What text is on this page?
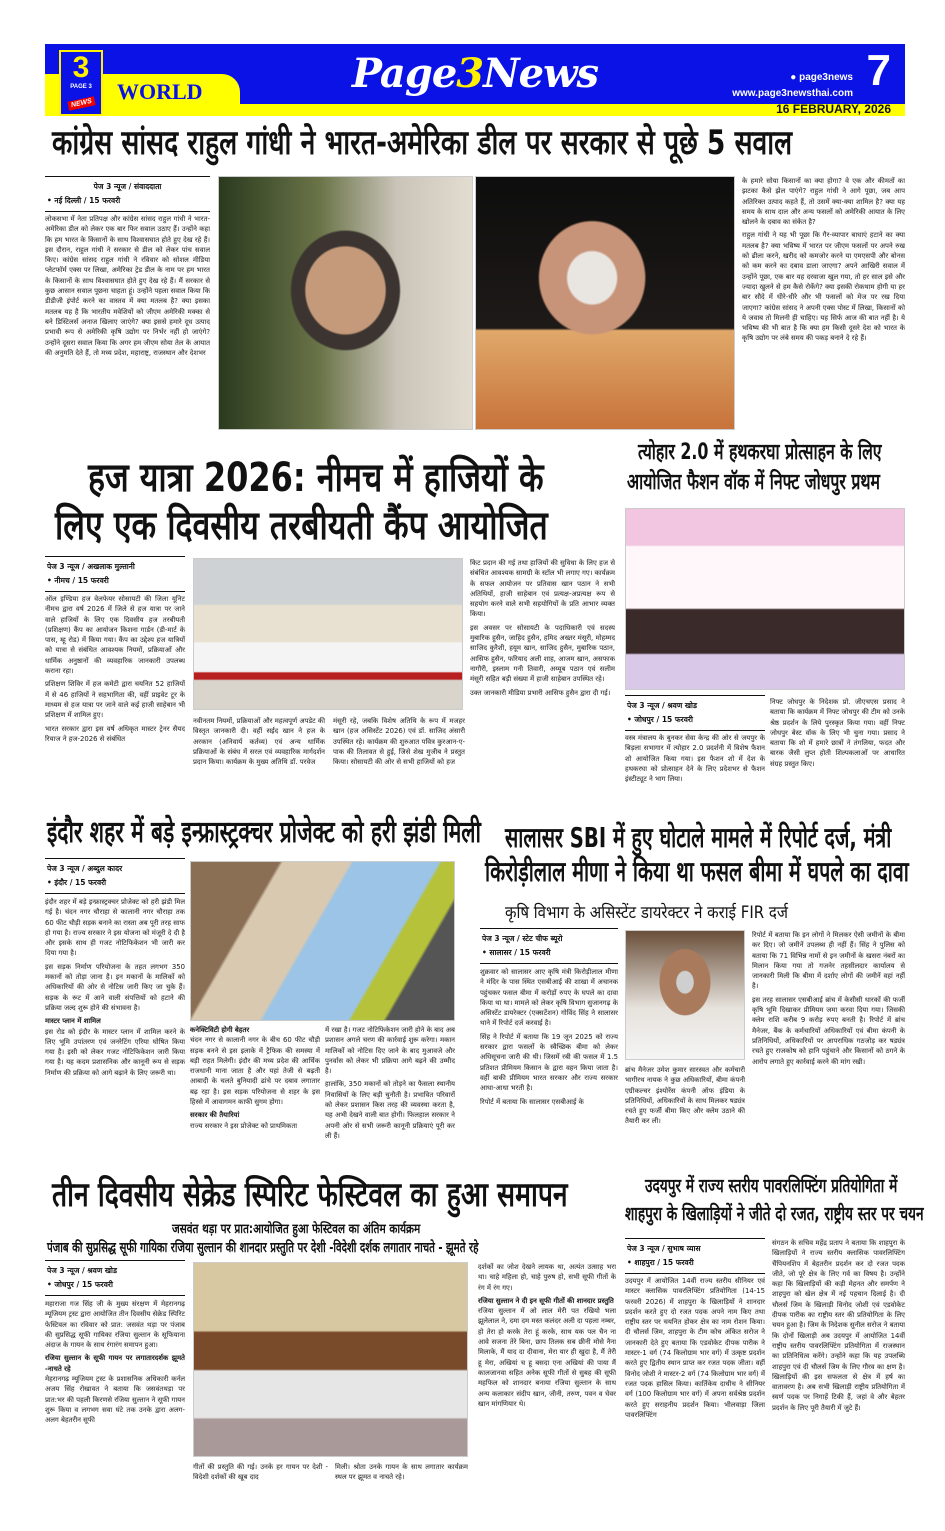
3
PAGE 3
NEWS	WORLD	Page3News	● page3news
www.page3newsthai.com 7
16 FEBRUARY, 2026
कांग्रेस सांसद राहुल गांधी ने भारत-अमेरिका डील पर सरकार से पूछे 5 सवाल
पेज 3 न्यूज / संवाददाता
• नई दिल्ली / 15 फरवरी

लोकसभा में नेता प्रतिपक्ष और कांग्रेस सांसद राहुल गांधी ने भारत-अमेरिका डील को लेकर एक बार फिर सवाल उठाए हैं। उन्होंने कहा कि हम भारत के किसानों के साथ विश्वासघात होते हुए देख रहे हैं। इस दौरान, राहुल गांधी ने सरकार से डील को लेकर पांच सवाल किए। कांग्रेस सांसद राहुल गांधी ने रविवार को सोशल मीडिया प्लेटफॉर्म एक्स पर लिखा, अमेरिका ट्रेड डील के नाम पर हम भारत के किसानों के साथ विश्वासघात होते हुए देख रहे हैं। मैं सरकार से कुछ आसान सवाल पूछना चाहता हूं। उन्होंने पहला सवाल किया कि डीडीजी इंपोर्ट करने का वास्तव में क्या मतलब है? क्या इसका मतलब यह है कि भारतीय मवेशियों को जीएम अमेरिकी मक्का से बने डिस्टिलर्स अनाज खिलाए जाएंगे? क्या इससे हमारे दूध उत्पाद प्रभावी रूप से अमेरिकी कृषि उद्योग पर निर्भर नहीं हो जाएंगे? उन्होंने दूसरा सवाल किया कि अगर हम जीएम सोया तेल के आयात की अनुमति देते हैं, तो मध्य प्रदेश, महाराष्ट्र, राजस्थान और देशभर

के हमारे सोया किसानों का क्या होगा? वे एक और कीमतों का झटका कैसे झेल पाएंगे? राहुल गांधी ने आगे पूछा, जब आप अतिरिक्त उत्पाद कहते हैं, तो उसमें क्या-क्या शामिल है? क्या यह समय के साथ दाल और अन्य फसलों को अमेरिकी आयात के लिए खोलने के दबाव का संकेत है?

राहुल गांधी ने यह भी पूछा कि गैर-व्यापार बाधाएं हटाने का क्या मतलब है? क्या भविष्य में भारत पर जीएम फसलों पर अपने रुख को ढीला करने, खरीद को कमजोर करने या एमएसपी और बोनस को कम करने का दबाव डाला जाएगा? अपने आखिरी सवाल में उन्होंने पूछा, एक बार यह दरवाजा खुल गया, तो हर साल इसे और ज्यादा खुलने से हम कैसे रोकेंगे? क्या इसकी रोकथाम होगी या हर बार सौदे में धीरे-धीरे और भी फसलों को मेज पर रख दिया जाएगा? कांग्रेस सांसद ने अपनी एक्स पोस्ट में लिखा, किसानों को ये जवाब तो मिलनी ही चाहिए। यह सिर्फ आज की बात नहीं है। ये भविष्य की भी बात है कि क्या हम किसी दूसरे देश को भारत के कृषि उद्योग पर लंबे समय की पकड़ बनाने दे रहे हैं।

हज यात्रा 2026: नीमच में हाजियों के
लिए एक दिवसीय तरबीयती कैंप आयोजित
पेज 3 न्यूज / अखलाक मुल्तानी
• नीमच / 15 फरवरी

ऑल इण्डिया हज वेलफेयर सोसायटी की जिला यूनिट नीमच द्वारा वर्ष 2026 में जिले से हज यात्रा पर जाने वाले हाजियों के लिए एक दिवसीय हज तरबीयती (प्रशिक्षण) कैंप का आयोजन किशना गार्डन (डी-मार्ट के पास, म्हू रोड) में किया गया। कैंप का उद्देश्य हज यात्रियों को यात्रा से संबंधित आवश्यक नियमों, प्रक्रियाओं और धार्मिक अनुष्ठानों की व्यवहारिक जानकारी उपलब्ध कराना रहा।

प्रशिक्षण शिविर में हज कमेटी द्वारा चयनित 52 हाजियों में से 46 हाजियों ने सहभागिता की, वहीं प्राइवेट टूर के माध्यम से हज यात्रा पर जाने वाले कई हाजी साहेबान भी प्रशिक्षण में शामिल हुए।

भारत सरकार द्वारा इस वर्ष अधिकृत मास्टर ट्रेनर सैयद रियाज ने हज-2026 से संबंधित

नवीनतम नियमों, प्रक्रियाओं और महत्वपूर्ण अपडेट की विस्तृत जानकारी दी। वहीं सईद खान ने हज के अरकान (अनिवार्य कर्तव्य) एवं अन्य धार्मिक प्रक्रियाओं के संबंध में सरल एवं व्यवहारिक मार्गदर्शन प्रदान किया। कार्यक्रम के मुख्य अतिथि डॉ. परवेज

मंसूरी रहे, जबकि विशेष अतिथि के रूप में मजहर खान (हज असिस्टेंट 2026) एवं डॉ. साजिद अंसारी उपस्थित रहे। कार्यक्रम की शुरुआत पवित्र कुरआन-ए-पाक की तिलावत से हुई, जिसे शेख मुजीब ने प्रस्तुत किया। सोसायटी की ओर से सभी हाजियों को हज

किट प्रदान की गई तथा हाजियों की सुविधा के लिए हज से संबंधित आवश्यक सामग्री के स्टॉल भी लगाए गए। कार्यक्रम के सफल आयोजन पर प्रतिवास खान पठान ने सभी अतिथियों, हाजी साहेबान एवं प्रत्यक्ष-अप्रत्यक्ष रूप से सहयोग करने वाले सभी सहयोगियों के प्रति आभार व्यक्त किया।

इस अवसर पर सोसायटी के पदाधिकारी एवं सदस्य मुबारिक हुसैन, जाहिद हुसैन, हमिद अख्तर मंसूरी, मोहम्मद साजिद कुरैशी, हयूम खान, साजिद हुसैन, मुबारिक पठान, आसिफ हुसैन, फरियाद अली शाह, आजम खान, असफाक नागौरी, इस्लाम गनी तिवारी, अय्यूब पठान एवं सलीम मंसूरी सहित बड़ी संख्या में हाजी साहेबान उपस्थित रहे।

उक्त जानकारी मीडिया प्रभारी आसिफ हुसैन द्वारा दी गई।

त्योहार 2.0 में हथकरघा प्रोत्साहन के लिए
आयोजित फैशन वॉक में निफ्ट जोधपुर प्रथम
पेज 3 न्यूज / श्रवण खोड
• जोधपुर / 15 फरवरी

वस्त्र मंत्रालय के बुनकर सेवा केन्द्र की ओर से जयपुर के बिड़ला सभागार में त्योहार 2.0 प्रदर्शनी में विशेष फैशन शो आयोजित किया गया। इस फैशन शो में देश के हथकरघा को प्रोत्साहन देने के लिए प्रदेशभर से फैशन इंस्टीट्यूट ने भाग लिया।

निफ्ट जोधपुर के निदेशक प्रो. जीएचएस प्रसाद ने बताया कि कार्यक्रम में निफ्ट जोधपुर की टीम को उनके श्रेष्ठ प्रदर्शन के लिये पुरस्कृत किया गया। वहीं निफ्ट जोधपुर बेस्ट वॉक के लिए भी चुना गया। प्रसाद ने बताया कि शो में हमारे छात्रों ने तंगलिया, फदत और बारक जैसी लुप्त होती शिल्पकलाओं पर आधारित संग्रह प्रस्तुत किए।

इंदौर शहर में बड़े इन्फ्रास्ट्रक्चर प्रोजेक्ट को हरी झंडी मिली
पेज 3 न्यूज / अब्दुल कादर
• इंदौर / 15 फरवरी

इंदौर शहर में बड़े इन्फ्रास्ट्रक्चर प्रोजेक्ट को हरी झंडी मिल गई है। चंदन नगर चौराहा से कालानी नगर चौराहा तक 60 फीट चौड़ी सड़क बनाने का रास्ता अब पूरी तरह साफ हो गया है। राज्य सरकार ने इस योजना को मंजूरी दे दी है और इसके साथ ही गजट नोटिफिकेशन भी जारी कर दिया गया है।

इस सड़क निर्माण परियोजना के तहत लगभग 350 मकानों को तोड़ा जाना है। इन मकानों के मालिकों को अधिकारियों की ओर से नोटिस जारी किए जा चुके हैं। सड़क के रूट में आने वाली संपत्तियों को हटाने की प्रक्रिया जल्द शुरू होने की संभावना है।

मास्टर प्लान में शामिल

इस रोड को इंदौर के मास्टर प्लान में शामिल करने के लिए भूमि उपांतरण एवं जनरेटिंग एरिया घोषित किया गया है। इसी को लेकर गजट नोटिफिकेशन जारी किया गया है। यह कदम प्रशासनिक और कानूनी रूप से सड़क निर्माण की प्रक्रिया को आगे बढ़ाने के लिए जरूरी था।

कनेक्टिविटी होगी बेहतर

चंदन नगर से कालानी नगर के बीच 60 फीट चौड़ी सड़क बनने से इस इलाके में ट्रैफिक की समस्या में बड़ी राहत मिलेगी। इंदौर की मध्य प्रदेश की आर्थिक राजधानी माना जाता है और यहां तेजी से बढ़ती आबादी के चलते बुनियादी ढांचे पर दबाव लगातार बढ़ रहा है। इस सड़क परियोजना से शहर के इस हिस्से में आवागमन काफी सुगम होगा।

सरकार की तैयारियां

राज्य सरकार ने इस प्रोजेक्ट को प्राथमिकता

में रखा है। गजट नोटिफिकेशन जारी होने के बाद अब प्रशासन अगले चरण की कार्रवाई शुरू करेगा। मकान मालिकों को नोटिस दिए जाने के बाद मुआवजे और पुनर्वास को लेकर भी प्रक्रिया आगे बढ़ने की उम्मीद है।

हालांकि, 350 मकानों को तोड़ने का फैसला स्थानीय निवासियों के लिए बड़ी चुनौती है। प्रभावित परिवारों को लेकर प्रशासन किस तरह की व्यवस्था करता है, यह अभी देखने वाली बात होगी। फिलहाल सरकार ने अपनी ओर से सभी जरूरी कानूनी प्रक्रियाएं पूरी कर ली हैं।

सालासर SBI में हुए घोटाले मामले में रिपोर्ट दर्ज, मंत्री
किरोड़ीलाल मीणा ने किया था फसल बीमा में घपले का दावा
कृषि विभाग के असिस्टेंट डायरेक्टर ने कराई FIR दर्ज
पेज 3 न्यूज / स्टेट चीफ ब्यूरो
• सालासर / 15 फरवरी

शुक्रवार को सालासर आए कृषि मंत्री किरोड़ीलाल मीणा ने मंदिर के पास स्थित एसबीआई की शाखा में अचानक पहुंचकर फसल बीमा में करोड़ों रुपए के घपले का दावा किया था था। मामले को लेकर कृषि विभाग सुजानगढ़ के असिस्टेंट डायरेक्टर (एक्सटेंशन) गोविंद सिंह ने सालासर थाने में रिपोर्ट दर्ज करवाई है।

सिंह ने रिपोर्ट में बताया कि 19 जून 2025 को राज्य सरकार द्वारा फसलों के स्वैच्छिक बीमा को लेकर अधिसूचना जारी की थी। जिसमें रबी की फसल में 1.5 प्रतिशत प्रीमियम किसान के द्वारा वहन किया जाता है। वहीं बाकी प्रीमियम भारत सरकार और राज्य सरकार आधा-आधा भरती है।

रिपोर्ट में बताया कि सालासर एसबीआई के

ब्रांच मैनेजर उमेश कुमार सारस्वत और कर्मचारी भागीरथ नायक ने कुछ अधिकारियों, बीमा कंपनी एग्रीकल्चर इंश्योरेंस कंपनी ऑफ इंडिया के प्रतिनिधियों, अधिकारियों के साथ मिलकर षड्यंत्र रचते हुए फर्जी बीमा किए और क्लेम उठाने की तैयारी कर ली।

रिपोर्ट में बताया कि इन लोगों ने मिलकर ऐसी जमीनों के बीमा कर दिए। जो जमीनें उपलब्ध ही नहीं हैं। सिंह ने पुलिस को बताया कि 71 विभिन्न नामों से इन जमीनों के खसरा नंबरों का मिलान किया गया तो गजनेर तहसीलदार कार्यालय से जानकारी मिली कि बीमा में दर्शाए लोगों की जमीनें वहां नहीं है।

इस तरह सालासर एसबीआई ब्रांच में केसीसी धारकों की फर्जी कृषि भूमि दिखाकर प्रीमियम जमा करवा दिया गया। जिसकी क्लेम राशि करीब 9 करोड़ रुपए बनती है। रिपोर्ट में ब्रांच मैनेजर, बैंक के कर्मचारियों अधिकारियों एवं बीमा कंपनी के प्रतिनिधियों, अधिकारियों पर आपराधिक गठजोड़ कर षड्यंत्र रचते हुए राजकोष को हानि पहुंचाने और किसानों को ठगने के आरोप लगाते हुए कार्रवाई करने की मांग रखी।

तीन दिवसीय सेक्रेड स्पिरिट फेस्टिवल का हुआ समापन
जसवंत थड़ा पर प्रात:आयोजित हुआ फेस्टिवल का अंतिम कार्यक्रम
पंजाब की सुप्रसिद्ध सूफी गायिका रजिया सुल्तान की शानदार प्रस्तुति पर देशी -विदेशी दर्शक लगातार नाचते - झूमते रहे
पेज 3 न्यूज / श्रवण खोड
• जोधपुर / 15 फरवरी

महाराजा गज सिंह जी के मुख्य संरक्षण में मेहरानगढ़ म्यूजियम ट्रस्ट द्वारा आयोजित तीन दिवसीय सेक्रेड स्पिरिट फेस्टिवल का रविवार को प्रात: जसवंत थड़ा पर पंजाब की सुप्रसिद्ध सूफी गायिका रजिया सुल्तान के सूफियाना अंदाज के गायन के साथ रंगारंग समापन हुआ।

रजिया सुल्तान के सूफी गायन पर लगातारदर्शक झूमते -नाचते रहे

मेहरानगढ़ म्यूजियम ट्रस्ट के प्रशासनिक अधिकारी कर्नल अजय सिंह रोखावत ने बताया कि जसवंतथड़ा पर प्रात:भर की पहली किरणसे रजिया सुल्तान ने सूफी गायन शुरू किया व लगभग सवा घंटे तक उनके द्वारा अलग-अलग बेहतरीन सूफी

गीतों की प्रस्तुति की गई। उनके हर गायन पर देशी - विदेशी दर्शकों की खूब दाद

मिली। श्रोता उनके गायन के साथ लगातार कार्यक्रम स्थल पर झूमत व नाचते रहे।

दर्शकों का जोश देखने लायक था, अत्यंत उत्साह भरा था। चाहे महिला हो, चाहे पुरुष हो, सभी सूफी गीतों के रंग में रंग गए।

रजिया सुल्तान ने दी इन सूफी गीतों की शानदार प्रस्तुति

रजिया सुल्तान में ओ लाल मेरी पत रखियो भला झूलेलाल ने, दमा दम मस्त कलंदर अली दा पहला नम्बर, हो तेरा हो करके तेरा हूं करके, साथ यक पल चैन ना आवे सजना तेरे बिना, छाप तिलक सब छीनी मोसे नैना मिलाके, मैं याद दा दीवाना, मेरा यार ही खुदा है, मैं तेरी हू मेरा, अखियां च हू बसदा एना अखियां की पाया मैं कालजानवा सहित अनेक सूफी गीतों से सुबह की सूफी महफिल को शानदार बनाया रजिया सुल्तान के साथ अन्य कलाकार संदीप खान, जीनी, तरुण, पवन व घेवर खान मांगणियार थे।

उदयपुर में राज्य स्तरीय पावरलिफ्टिंग प्रतियोगिता में
शाहपुरा के खिलाड़ियों ने जीते दो रजत, राष्ट्रीय स्तर पर चयन
पेज 3 न्यूज / सुभाष व्यास
• शाहपुरा / 15 फरवरी

उदयपुर में आयोजित 14वीं राज्य स्तरीय सीनियर एवं मास्टर क्लासिक पावरलिफ्टिंग प्रतियोगिता (14-15 फरवरी 2026) में शाहपुरा के खिलाड़ियों ने शानदार प्रदर्शन करते हुए दो रजत पदक अपने नाम किए तथा राष्ट्रीय स्तर पर चयनित होकर क्षेत्र का नाम रोशन किया। दी चौलर्स जिम, शाहपुरा के टीम कोच अंकित सरोज ने जानकारी देते हुए बताया कि एडवोकेट दीपक पारीक ने मास्टर-1 वर्ग (74 किलोग्राम भार वर्ग) में उत्कृष्ट प्रदर्शन करते हुए द्वितीय स्थान प्राप्त कर रजत पदक जीता। वहीं विनोद जोशी ने मास्टर-2 वर्ग (74 किलोग्राम भार वर्ग) में रजत पदक हासिल किया। कार्तिकेय दाधीच ने सीनियर वर्ग (100 किलोग्राम भार वर्ग) में अपना सर्वश्रेष्ठ प्रदर्शन करते हुए सराहनीय प्रदर्शन किया। भीलवाड़ा जिला पावरलिफ्टिंग

संगठन के सचिव महेंद्र प्रताप ने बताया कि शाहपुरा के खिलाड़ियों ने राज्य स्तरीय क्लासिक पावरलिफ्टिंग चैंपियनशिप में बेहतरीन प्रदर्शन कर दो रजत पदक जीते, जो पूरे क्षेत्र के लिए गर्व का विषय है। उन्होंने कहा कि खिलाड़ियों की कड़ी मेहनत और समर्पण ने शाहपुरा को खेल क्षेत्र में नई पहचान दिलाई है। दी चौलर्स जिम के खिलाड़ी विनोद जोशी एवं एडवोकेट दीपक पारीक का राष्ट्रीय स्तर की प्रतियोगिता के लिए चयन हुआ है। जिम के निदेशक सुनील सरोज ने बताया कि दोनों खिलाड़ी अब उदयपुर में आयोजित 14वीं राष्ट्रीय स्तरीय पावरलिफ्टिंग प्रतियोगिता में राजस्थान का प्रतिनिधित्व करेंगे। उन्होंने कहा कि यह उपलब्धि शाहपुरा एवं दी चौलर्स जिम के लिए गौरव का क्षण है। खिलाड़ियों की इस सफलता से क्षेत्र में हर्ष का वातावरण है। अब सभी खिलाड़ी राष्ट्रीय प्रतियोगिता में स्वर्ण पदक पर निगाहें टिकी हैं, जहां वे और बेहतर प्रदर्शन के लिए पूरी तैयारी में जुटे हैं।
